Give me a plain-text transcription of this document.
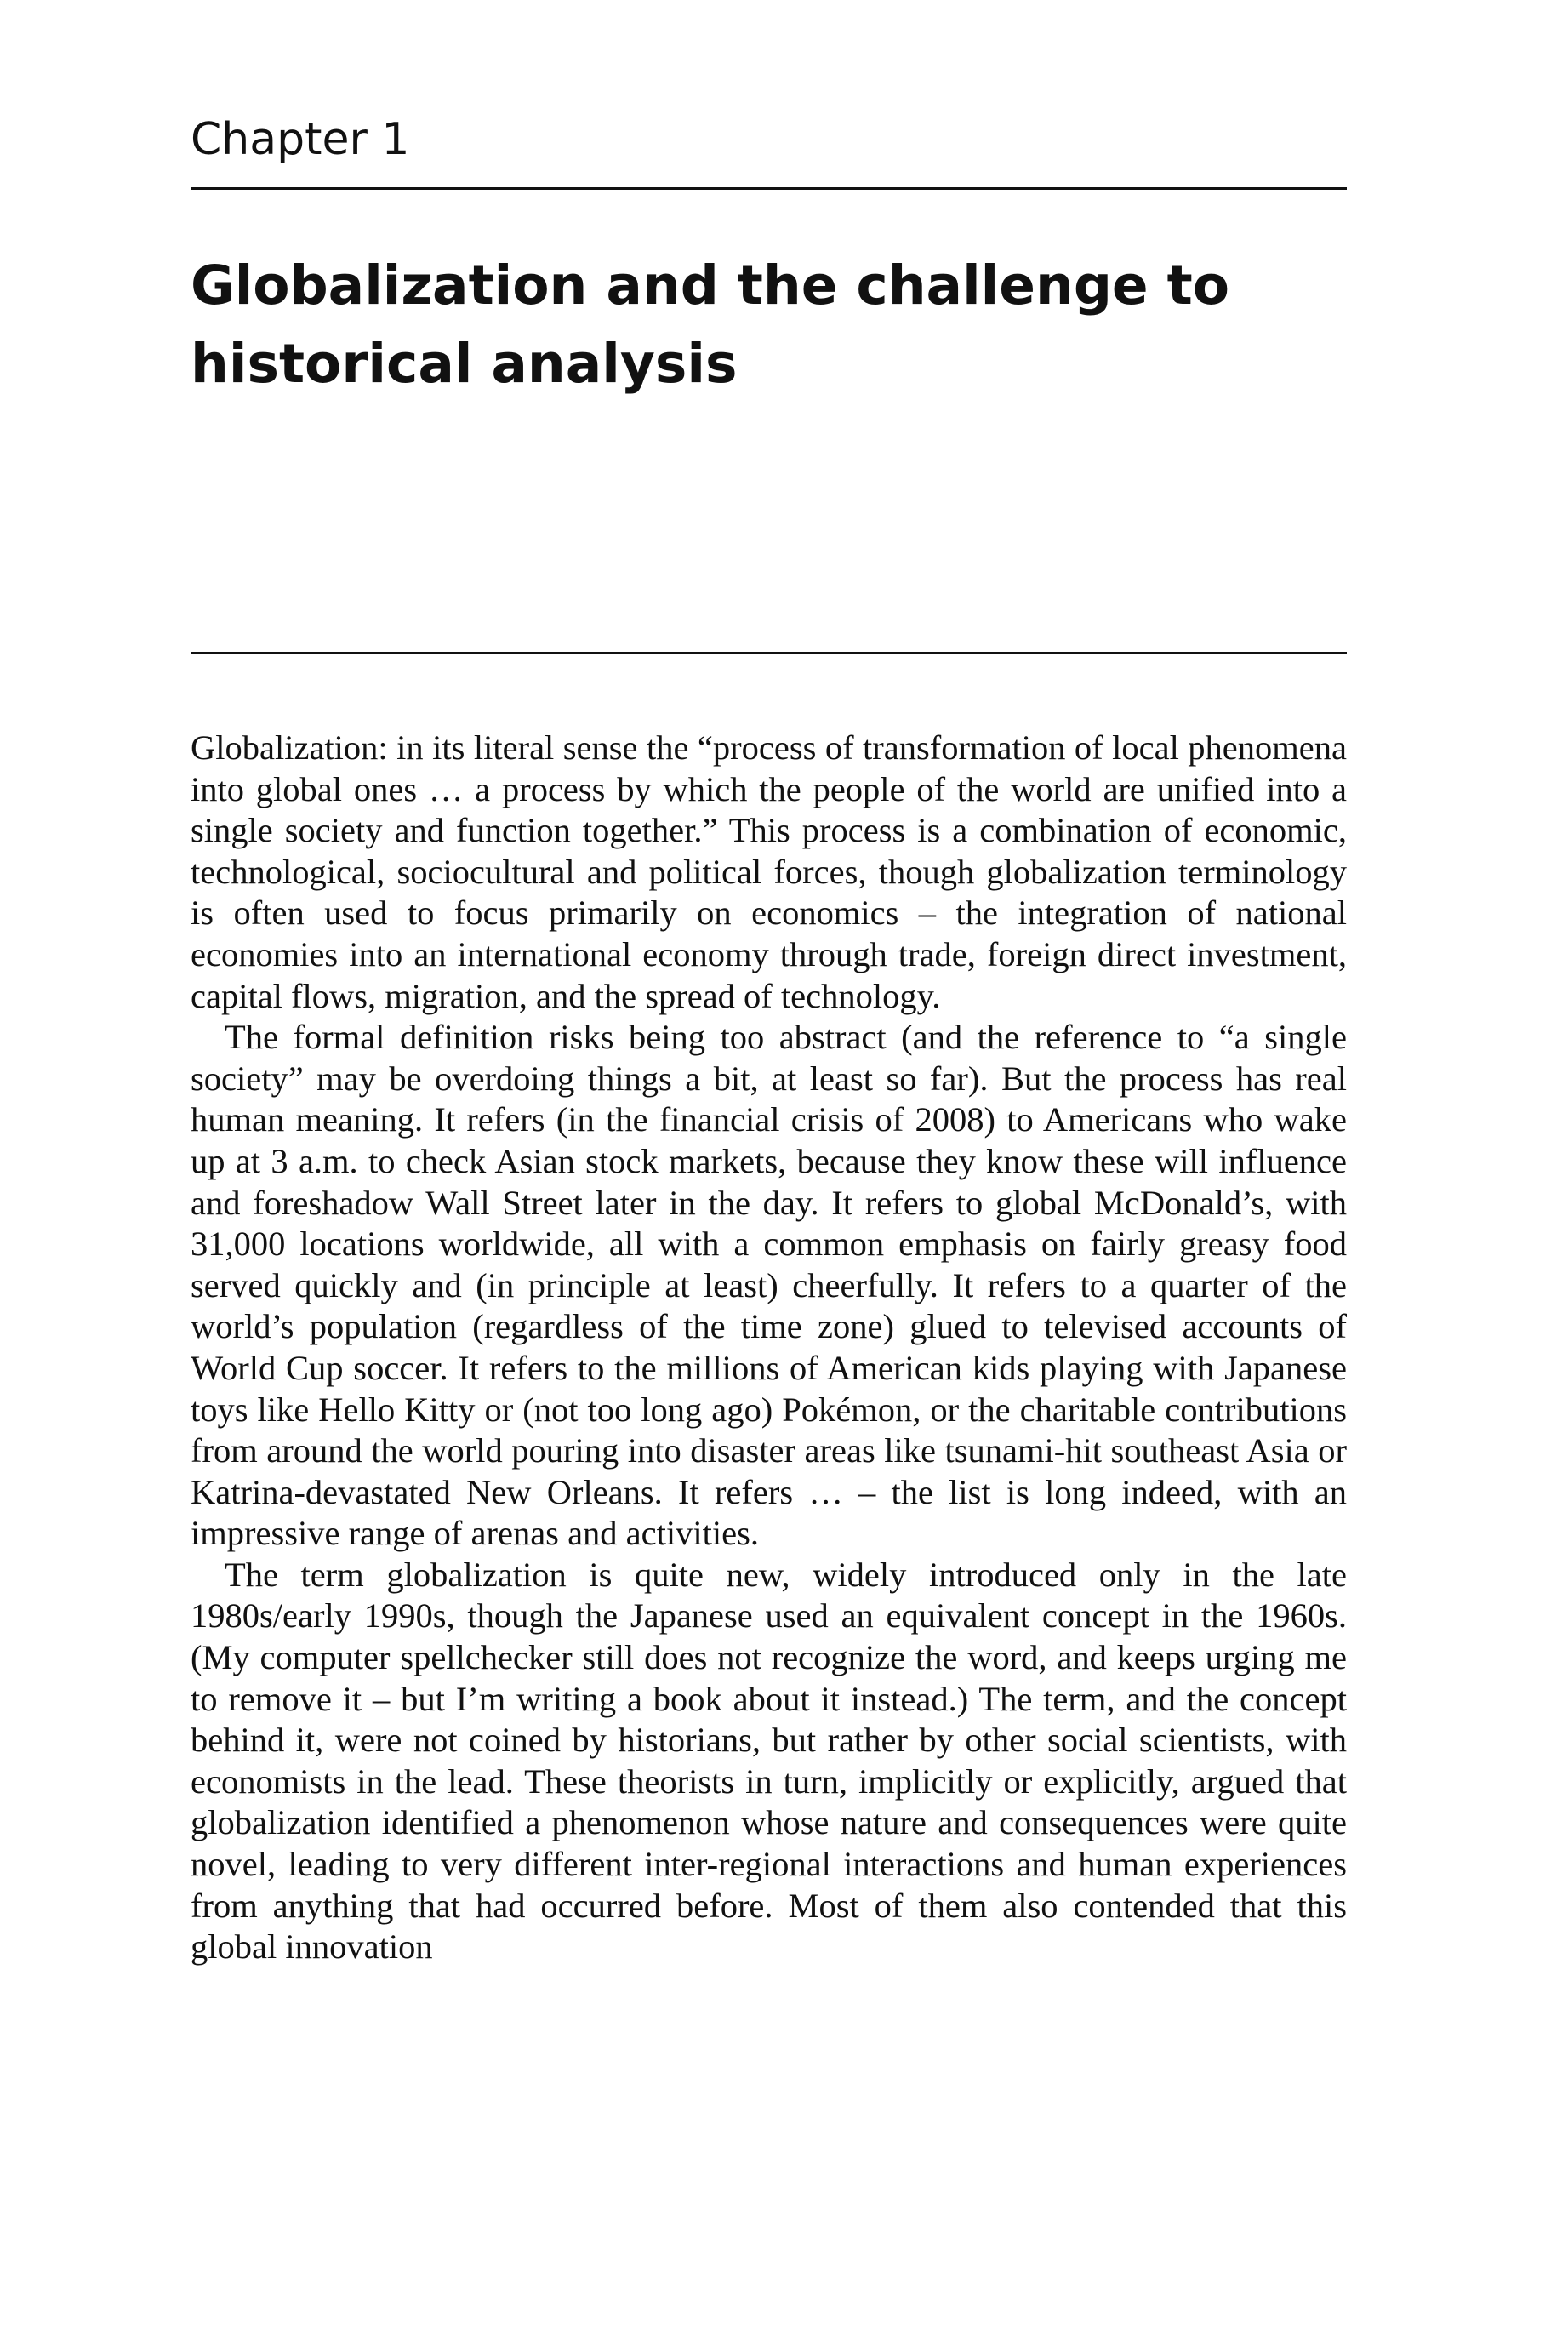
Chapter 1
Globalization and the challenge to historical analysis

Globalization: in its literal sense the “process of transformation of local phenomena into global ones … a process by which the people of the world are unified into a single society and function together.” This process is a combination of economic, technological, sociocultural and political forces, though globalization terminology is often used to focus primarily on economics – the integration of national economies into an international economy through trade, foreign direct investment, capital flows, migration, and the spread of technology.

The formal definition risks being too abstract (and the reference to “a single society” may be overdoing things a bit, at least so far). But the process has real human meaning. It refers (in the financial crisis of 2008) to Americans who wake up at 3 a.m. to check Asian stock markets, because they know these will influence and foreshadow Wall Street later in the day. It refers to global McDonald’s, with 31,000 locations worldwide, all with a common emphasis on fairly greasy food served quickly and (in principle at least) cheerfully. It refers to a quarter of the world’s population (regardless of the time zone) glued to televised accounts of World Cup soccer. It refers to the millions of American kids playing with Japanese toys like Hello Kitty or (not too long ago) Pokémon, or the charitable contributions from around the world pouring into disaster areas like tsunami-hit southeast Asia or Katrina-devastated New Orleans. It refers … – the list is long indeed, with an impressive range of arenas and activities.

The term globalization is quite new, widely introduced only in the late 1980s/early 1990s, though the Japanese used an equivalent concept in the 1960s. (My computer spellchecker still does not recognize the word, and keeps urging me to remove it – but I’m writing a book about it instead.) The term, and the concept behind it, were not coined by historians, but rather by other social scientists, with economists in the lead. These theorists in turn, implicitly or explicitly, argued that globalization identified a phenomenon whose nature and consequences were quite novel, leading to very different inter-regional interactions and human experiences from anything that had occurred before. Most of them also contended that this global innovation
